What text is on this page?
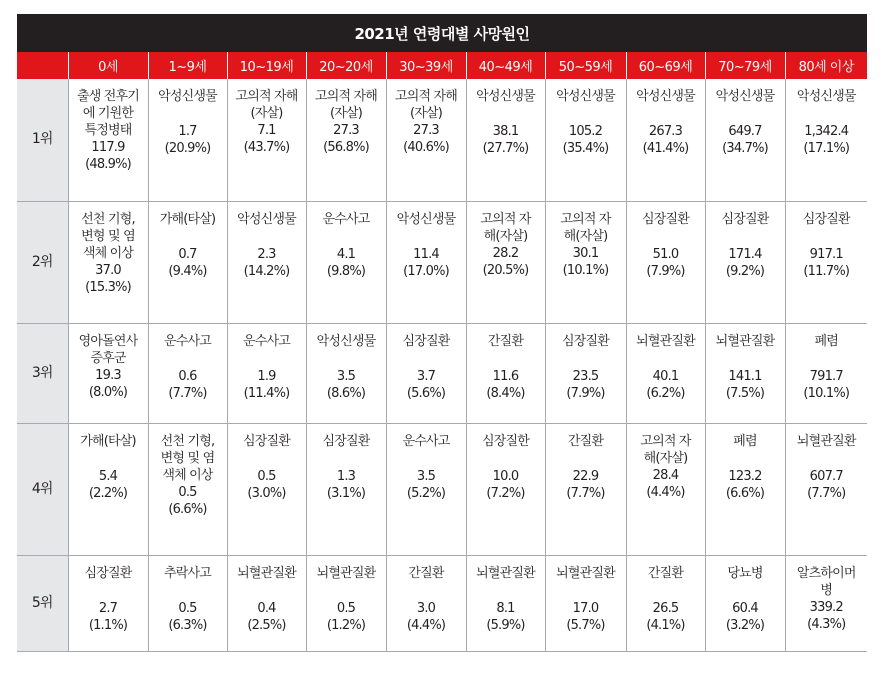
2021년 연령대별 사망원인
	0세	1~9세	10~19세	20~20세	30~39세	40~49세	50~59세	60~69세	70~79세	80세 이상
1위	출생 전후기
에 기원한
특정병태
117.9
(48.9%)	악성신생물
1.7
(20.9%)	고의적 자해
(자살)
7.1
(43.7%)	고의적 자해
(자살)
27.3
(56.8%)	고의적 자해
(자살)
27.3
(40.6%)	악성신생물
38.1
(27.7%)	악성신생물
105.2
(35.4%)	악성신생물
267.3
(41.4%)	악성신생물
649.7
(34.7%)	악성신생물
1,342.4
(17.1%)

2위	선천 기형,
변형 및 염
색체 이상
37.0
(15.3%)	가해(타살)
0.7
(9.4%)	악성신생물
2.3
(14.2%)	운수사고
4.1
(9.8%)	악성신생물
11.4
(17.0%)	고의적 자
해(자살)
28.2
(20.5%)	고의적 자
해(자살)
30.1
(10.1%)	심장질환
51.0
(7.9%)	심장질환
171.4
(9.2%)	심장질환
917.1
(11.7%)

3위	영아돌연사
증후군
19.3
(8.0%)	운수사고
0.6
(7.7%)	운수사고
1.9
(11.4%)	악성신생물
3.5
(8.6%)	심장질환
3.7
(5.6%)	간질환
11.6
(8.4%)	심장질환
23.5
(7.9%)	뇌혈관질환
40.1
(6.2%)	뇌혈관질환
141.1
(7.5%)	폐렴
791.7
(10.1%)

4위	가해(타살)
5.4
(2.2%)	선천 기형,
변형 및 염
색체 이상
0.5
(6.6%)	심장질환
0.5
(3.0%)	심장질환
1.3
(3.1%)	운수사고
3.5
(5.2%)	심장질한
10.0
(7.2%)	간질환
22.9
(7.7%)	고의적 자
해(자살)
28.4
(4.4%)	폐렴
123.2
(6.6%)	뇌혈관질환
607.7
(7.7%)

5위	심장질환
2.7
(1.1%)	추락사고
0.5
(6.3%)	뇌혈관질환
0.4
(2.5%)	뇌혈관질환
0.5
(1.2%)	간질환
3.0
(4.4%)	뇌혈관질환
8.1
(5.9%)	뇌혈관질환
17.0
(5.7%)	간질환
26.5
(4.1%)	당뇨병
60.4
(3.2%)	알츠하이머
병
339.2
(4.3%)
